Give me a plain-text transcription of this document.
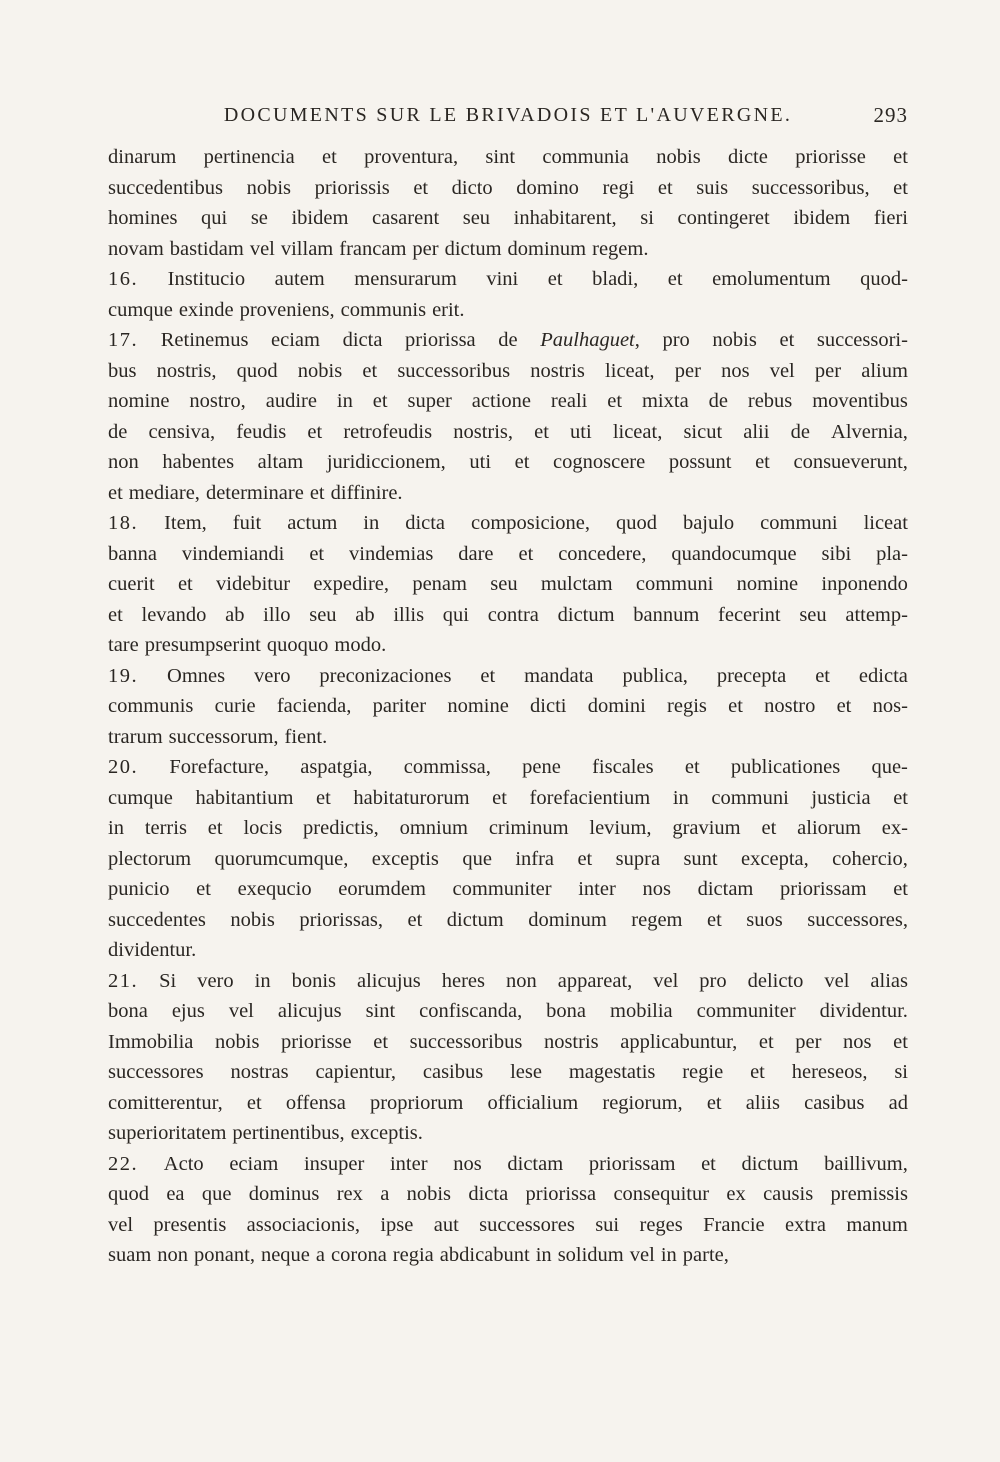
DOCUMENTS SUR LE BRIVADOIS ET L'AUVERGNE.	293
dinarum pertinencia et proventura, sint communia nobis dicte priorisse et
succedentibus nobis priorissis et dicto domino regi et suis successoribus, et
homines qui se ibidem casarent seu inhabitarent, si contingeret ibidem fieri
novam bastidam vel villam francam per dictum dominum regem.
16. Institucio autem mensurarum vini et bladi, et emolumentum quod-
cumque exinde proveniens, communis erit.
17. Retinemus eciam dicta priorissa de Paulhaguet, pro nobis et successori-
bus nostris, quod nobis et successoribus nostris liceat, per nos vel per alium
nomine nostro, audire in et super actione reali et mixta de rebus moventibus
de censiva, feudis et retrofeudis nostris, et uti liceat, sicut alii de Alvernia,
non habentes altam juridiccionem, uti et cognoscere possunt et consueverunt,
et mediare, determinare et diffinire.
18. Item, fuit actum in dicta composicione, quod bajulo communi liceat
banna vindemiandi et vindemias dare et concedere, quandocumque sibi pla-
cuerit et videbitur expedire, penam seu mulctam communi nomine inponendo
et levando ab illo seu ab illis qui contra dictum bannum fecerint seu attemp-
tare presumpserint quoquo modo.
19. Omnes vero preconizaciones et mandata publica, precepta et edicta
communis curie facienda, pariter nomine dicti domini regis et nostro et nos-
trarum successorum, fient.
20. Forefacture, aspatgia, commissa, pene fiscales et publicationes que-
cumque habitantium et habitaturorum et forefacientium in communi justicia et
in terris et locis predictis, omnium criminum levium, gravium et aliorum ex-
plectorum quorumcumque, exceptis que infra et supra sunt excepta, cohercio,
punicio et exequcio eorumdem communiter inter nos dictam priorissam et
succedentes nobis priorissas, et dictum dominum regem et suos successores,
dividentur.
21. Si vero in bonis alicujus heres non appareat, vel pro delicto vel alias
bona ejus vel alicujus sint confiscanda, bona mobilia communiter dividentur.
Immobilia nobis priorisse et successoribus nostris applicabuntur, et per nos et
successores nostras capientur, casibus lese magestatis regie et hereseos, si
comitterentur, et offensa propriorum officialium regiorum, et aliis casibus ad
superioritatem pertinentibus, exceptis.
22. Acto eciam insuper inter nos dictam priorissam et dictum baillivum,
quod ea que dominus rex a nobis dicta priorissa consequitur ex causis premissis
vel presentis associacionis, ipse aut successores sui reges Francie extra manum
suam non ponant, neque a corona regia abdicabunt in solidum vel in parte,
